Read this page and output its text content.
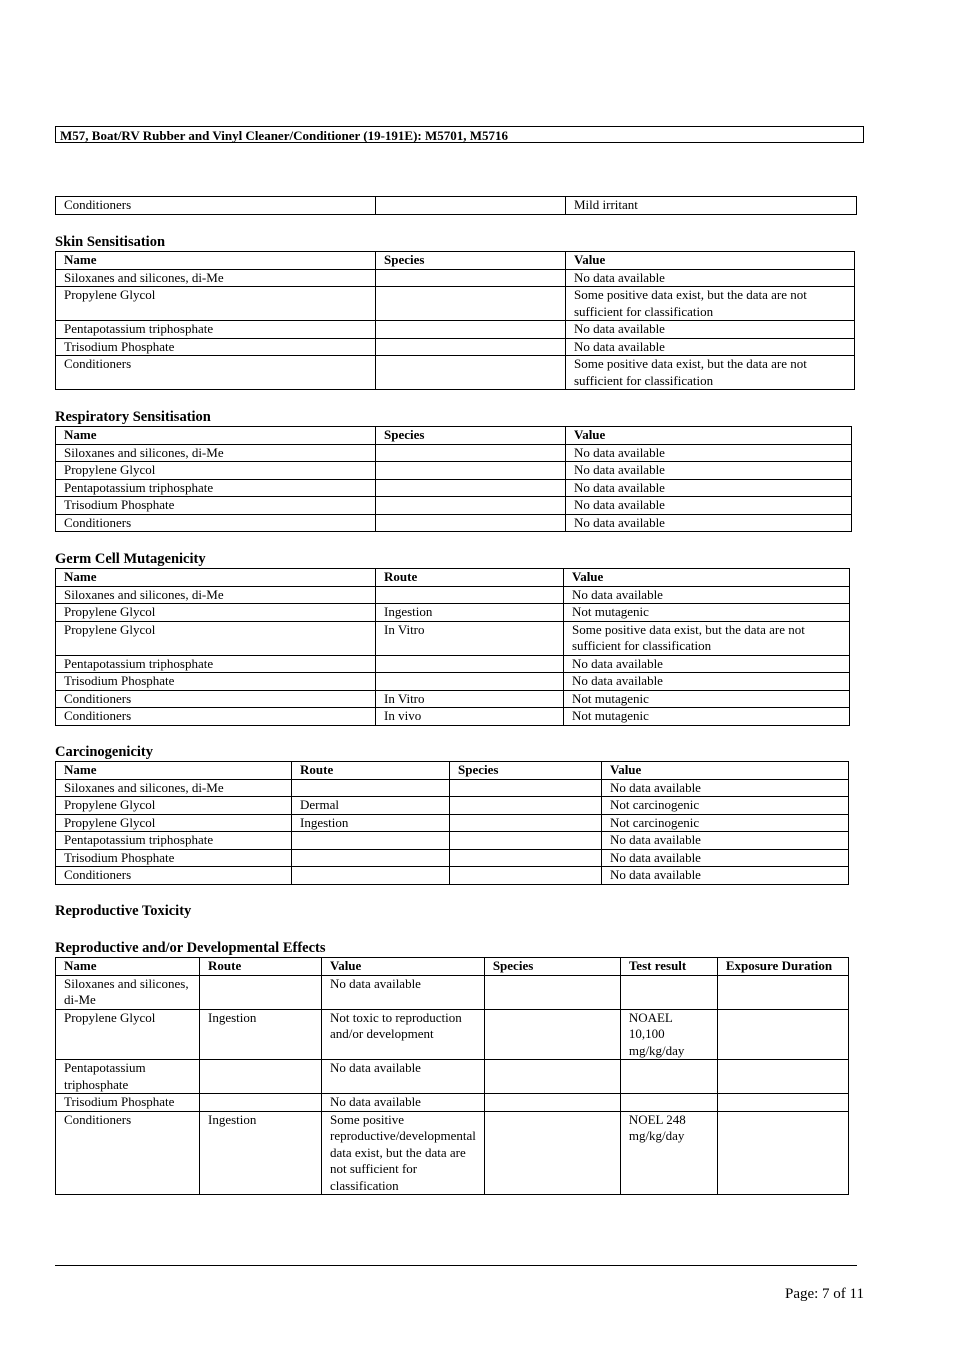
M57, Boat/RV Rubber and Vinyl Cleaner/Conditioner (19-191E): M5701, M5716
Conditioners		Mild irritant
Skin Sensitisation
Name	Species	Value
Siloxanes and silicones, di-Me		No data available
Propylene Glycol		Some positive data exist, but the data are not sufficient for classification
Pentapotassium triphosphate		No data available
Trisodium Phosphate		No data available
Conditioners		Some positive data exist, but the data are not sufficient for classification
Respiratory Sensitisation
Name	Species	Value
Siloxanes and silicones, di-Me		No data available
Propylene Glycol		No data available
Pentapotassium triphosphate		No data available
Trisodium Phosphate		No data available
Conditioners		No data available
Germ Cell Mutagenicity
Name	Route	Value
Siloxanes and silicones, di-Me		No data available
Propylene Glycol	Ingestion	Not mutagenic
Propylene Glycol	In Vitro	Some positive data exist, but the data are not sufficient for classification
Pentapotassium triphosphate		No data available
Trisodium Phosphate		No data available
Conditioners	In Vitro	Not mutagenic
Conditioners	In vivo	Not mutagenic
Carcinogenicity
Name	Route	Species	Value
Siloxanes and silicones, di-Me			No data available
Propylene Glycol	Dermal		Not carcinogenic
Propylene Glycol	Ingestion		Not carcinogenic
Pentapotassium triphosphate			No data available
Trisodium Phosphate			No data available
Conditioners			No data available
Reproductive Toxicity
Reproductive and/or Developmental Effects
Name	Route	Value	Species	Test result	Exposure Duration
Siloxanes and silicones, di-Me		No data available			
Propylene Glycol	Ingestion	Not toxic to reproduction and/or development		NOAEL 10,100 mg/kg/day	
Pentapotassium triphosphate		No data available			
Trisodium Phosphate		No data available			
Conditioners	Ingestion	Some positive reproductive/developmental data exist, but the data are not sufficient for classification		NOEL 248 mg/kg/day	
Page: 7 of 11
